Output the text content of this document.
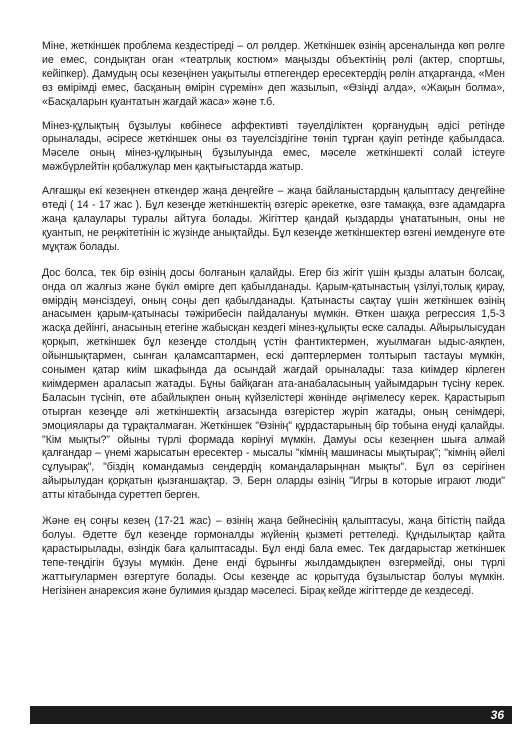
Міне, жеткіншек проблема кездестіреді – ол рөлдер. Жеткіншек өзінің арсеналында көп рөлге ие емес, сондықтан оған «театрлық костюм» маңызды объектінің рөлі (актер, спортшы, кейіпкер). Дамудың осы кезеңінен уақытылы өтпегендер ересектердің рөлін атқарғанда, «Мен өз өмірімді емес, басқаның өмірін сүремін» деп жазылып, «Өзіңді алда», «Жақын болма», «Басқаларын қуантатын жағдай жаса» және т.б.

Мінез-құлықтың бұзылуы көбінесе аффективті тәуелділіктен қорғанудың әдісі ретінде орыналады, әсіресе жеткіншек оны өз тәуелсіздігіне төніп тұрған қауіп ретінде қабылдаса. Мәселе оның мінез-құлқының бұзылуында емес, мәселе жеткіншекті солай істеуге мәжбүрлейтін қобалжулар мен қақтығыстарда жатыр.

Алғашқы екі кезеңнен өткендер жаңа деңгейге – жаңа байланыстардың қалыптасу деңгейіне өтеді ( 14 - 17 жас ). Бұл кезеңде жеткіншектің өзгеріс әрекетке, өзге тамаққа, өзге адамдарға жаңа қалаулары туралы айтуға болады. Жігіттер қандай қыздарды ұнататынын, оны не қуантып, не реңжітетінін іс жүзінде анықтайды. Бұл кезеңде жеткіншектер өзгені иемденуге өте мұқтаж болады.

Дос болса, тек бір өзінің досы болғанын қалайды. Егер біз жігіт үшін қызды алатын болсақ, онда ол жалғыз және бүкіл өмірге деп қабылданады. Қарым-қатынастың үзілуі,толық қирау, өмірдің мәнсіздеуі, оның соңы деп қабылданады. Қатынасты сақтау үшін жеткіншек өзінің анасымен қарым-қатынасы тәжірибесін пайдалануы мүмкін. Өткен шаққа регрессия 1,5-3 жасқа дейінгі, анасының етегіне жабысқан кездегі мінез-құлықты еске салады. Айырылысудан қорқып, жеткіншек бұл кезеңде столдың үстін фантиктермен, жуылмаған ыдыс-аяқпен, ойыншықтармен, сынған қаламсаптармен, ескі дәптерлермен толтырып тастауы мүмкін, сонымен қатар киім шкафында да осындай жағдай орыналады: таза киімдер кірлеген киімдермен араласып жатады. Бұны байқаған ата-анабаласының уайымдарын түсіну керек. Баласын түсініп, өте абайлықпен оның күйзелістері жөнінде әңгімелесу керек. Қарастырып отырған кезеңде әлі жеткіншектің ағзасында өзгерістер жүріп жатады, оның сенімдері, эмоциялары да тұрақталмаған. Жеткіншек "Өзінің" құрдастарының бір тобына енуді қалайды. "Кім мықты?" ойыны түрлі формада көрінуі мүмкін. Дамуы осы кезеңнен шыға алмай қалғандар – үнемі жарысатын ересектер - мысалы "кімнің машинасы мықтырақ"; "кімнің әйелі сұлуырақ", "біздің командамыз сендердің командаларыңнан мықты". Бұл өз серігінен айырылудан қорқатын қызғаншақтар. Э. Берн оларды өзінің "Игры в которые играют люди" атты кітабында суреттеп берген.

Және ең соңғы кезең (17-21 жас) – өзінің жаңа бейнесінің қалыптасуы, жаңа бітістің пайда болуы. Әдетте бұл кезеңде гормоналды жүйенің қызметі реттеледі. Құндылықтар қайта қарастырылады, өзіндік баға қалыптасады. Бұл енді бала емес. Тек дағдарыстар жеткіншек тепе-теңдігін бұзуы мүмкін. Дене енді бұрынғы жылдамдықпен өзгермейді, оны түрлі жаттығулармен өзгертуге болады. Осы кезеңде ас қорытуда бұзылыстар болуы мүмкін. Негізінен анарексия және булимия қыздар мәселесі. Бірақ кейде жігіттерде де кездеседі.

36
